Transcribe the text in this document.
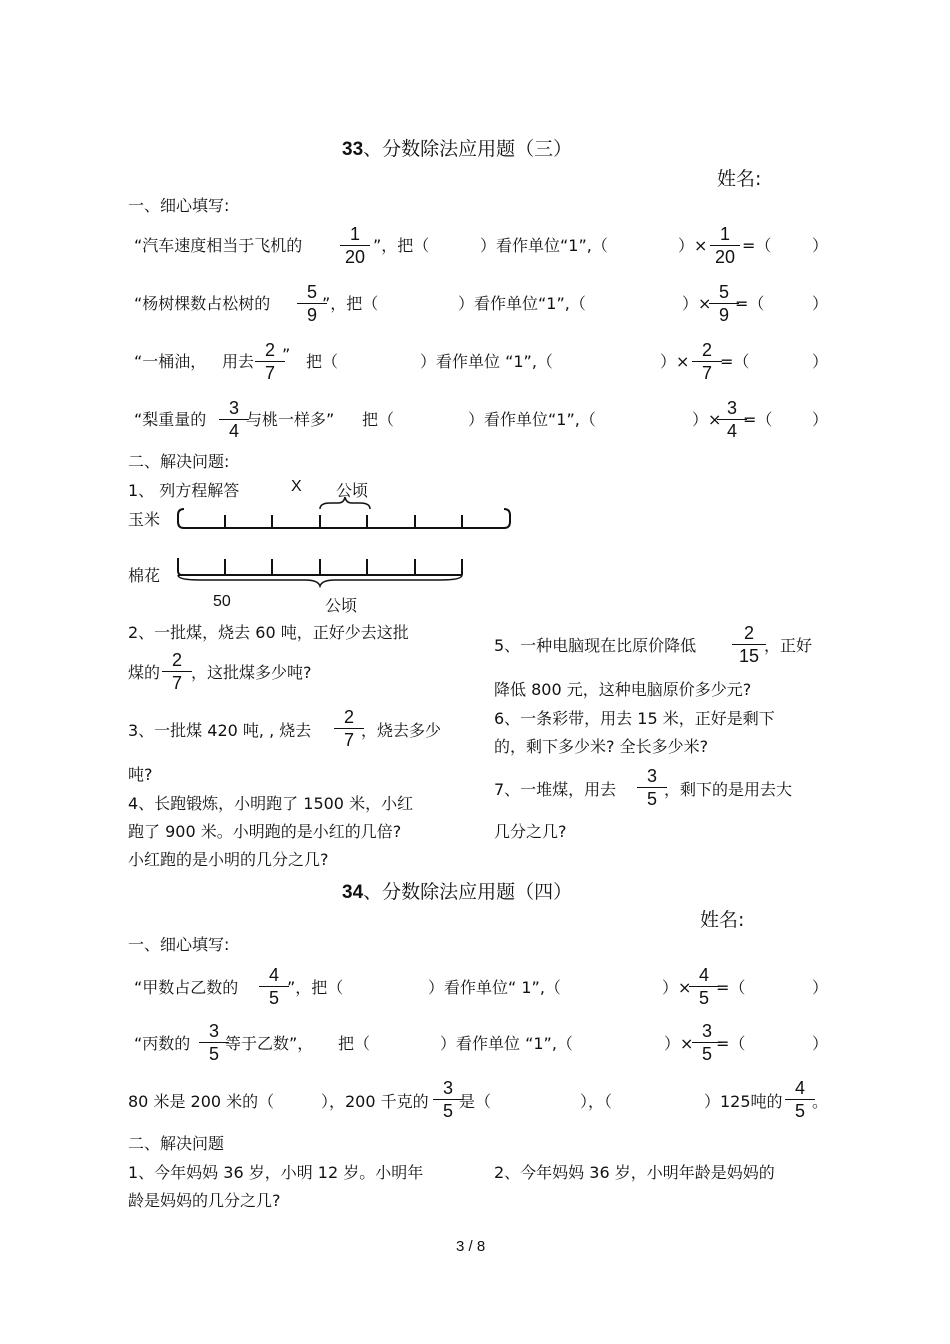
33、分数除法应用题（三）
姓名:
一、细心填写:
“汽车速度相当于飞机的 $\frac{1}{20}$ ”，把（	）看作单位“1”,（	）× $\frac{1}{20}$ =（	）
“杨树棵数占松树的 $\frac{5}{9}$
”，把（	）看作单位“1”,（	）×
$\frac{5}{9}$
=（	）
“一桶油， 用去 $\frac{2}{7}$
” 把（	）看作单位 “1”,（	）× $\frac{2}{7}$
=（	）
“梨重量的 $\frac{3}{4}$
与桃一样多” 把（	）看作单位“1”,（	）×
$\frac{3}{4}$
=（ ）
二、解决问题:
1、 列方程解答	X 公顷
玉米
棉花
50	公顷
2、一批煤，烧去 60 吨，正好少去这批
煤的 $\frac{2}{7}$ ，这批煤多少吨?
3、一批煤 420 吨, , 烧去 $\frac{2}{7}$
，烧去多少
吨?
4、长跑锻炼，小明跑了 1500 米，小红
跑了 900 米。小明跑的是小红的几倍?
小红跑的是小明的几分之几?
5、一种电脑现在比原价降低 $\frac{2}{15}$
，正好
降低 800 元，这种电脑原价多少元?
6、一条彩带，用去 15 米，正好是剩下
的，剩下多少米? 全长多少米?
7、一堆煤，用去 $\frac{3}{5}$
，剩下的是用去大
几分之几?
34、分数除法应用题（四）
姓名:
一、细心填写:
“甲数占乙数的 $\frac{4}{5}$
”，把（	）看作单位“ 1”,（	）×
$\frac{4}{5}$
=（	）
“丙数的 $\frac{3}{5}$
等于乙数”， 把（	）看作单位 “1”,（	）×
$\frac{3}{5}$
=（	）
80 米是 200 米的（	），200 千克的 $\frac{3}{5}$
是（	），（	）125吨的 $\frac{4}{5}$
。
二、解决问题
1、今年妈妈 36 岁，小明 12 岁。小明年
龄是妈妈的几分之几?
2、今年妈妈 36 岁，小明年龄是妈妈的
3 / 8
